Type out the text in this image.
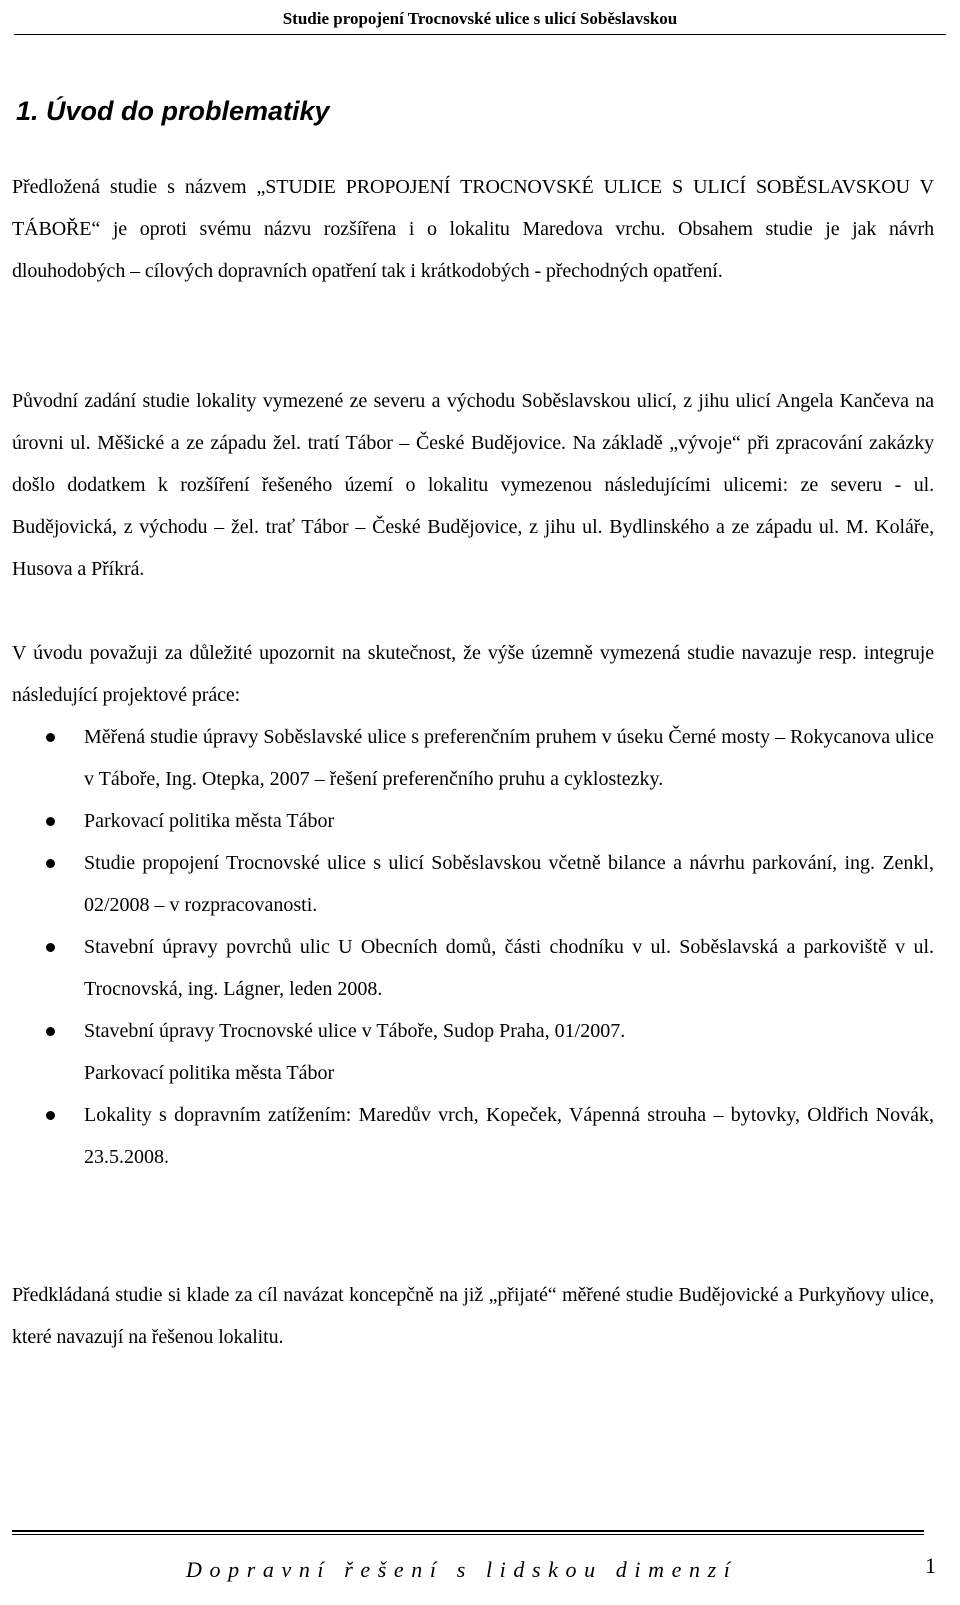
Studie propojení Trocnovské ulice s ulicí Soběslavskou
1. Úvod do problematiky

Předložená studie s názvem „STUDIE PROPOJENÍ TROCNOVSKÉ ULICE S ULICÍ SOBĚSLAVSKOU V TÁBOŘE“ je oproti svému názvu rozšířena i o lokalitu Maredova vrchu. Obsahem studie je jak návrh dlouhodobých – cílových dopravních opatření tak i krátkodobých - přechodných opatření.

Původní zadání studie lokality vymezené ze severu a východu Soběslavskou ulicí, z jihu ulicí Angela Kančeva na úrovni ul. Měšické a ze západu žel. tratí Tábor – České Budějovice. Na základě „vývoje“ při zpracování zakázky došlo dodatkem k rozšíření řešeného území o lokalitu vymezenou následujícími ulicemi: ze severu - ul. Budějovická, z východu – žel. trať Tábor – České Budějovice, z jihu ul. Bydlinského a ze západu ul. M. Koláře, Husova a Příkrá.

V úvodu považuji za důležité upozornit na skutečnost, že výše územně vymezená studie navazuje resp. integruje následující projektové práce:

Měřená studie úpravy Soběslavské ulice s preferenčním pruhem v úseku Černé mosty – Rokycanova ulice v Táboře, Ing. Otepka, 2007 – řešení preferenčního pruhu a cyklostezky.
Parkovací politika města Tábor
Studie propojení Trocnovské ulice s ulicí Soběslavskou včetně bilance a návrhu parkování, ing. Zenkl, 02/2008 – v rozpracovanosti.
Stavební úpravy povrchů ulic U Obecních domů, části chodníku v ul. Soběslavská a parkoviště v ul. Trocnovská, ing. Lágner, leden 2008.
Stavební úpravy Trocnovské ulice v Táboře, Sudop Praha, 01/2007.
Parkovací politika města Tábor
Lokality s dopravním zatížením: Maredův vrch, Kopeček, Vápenná strouha – bytovky, Oldřich Novák, 23.5.2008.

Předkládaná studie si klade za cíl navázat koncepčně na již „přijaté“ měřené studie Budějovické a Purkyňovy ulice, které navazují na řešenou lokalitu.

Dopravní řešení s lidskou dimenzí	1
